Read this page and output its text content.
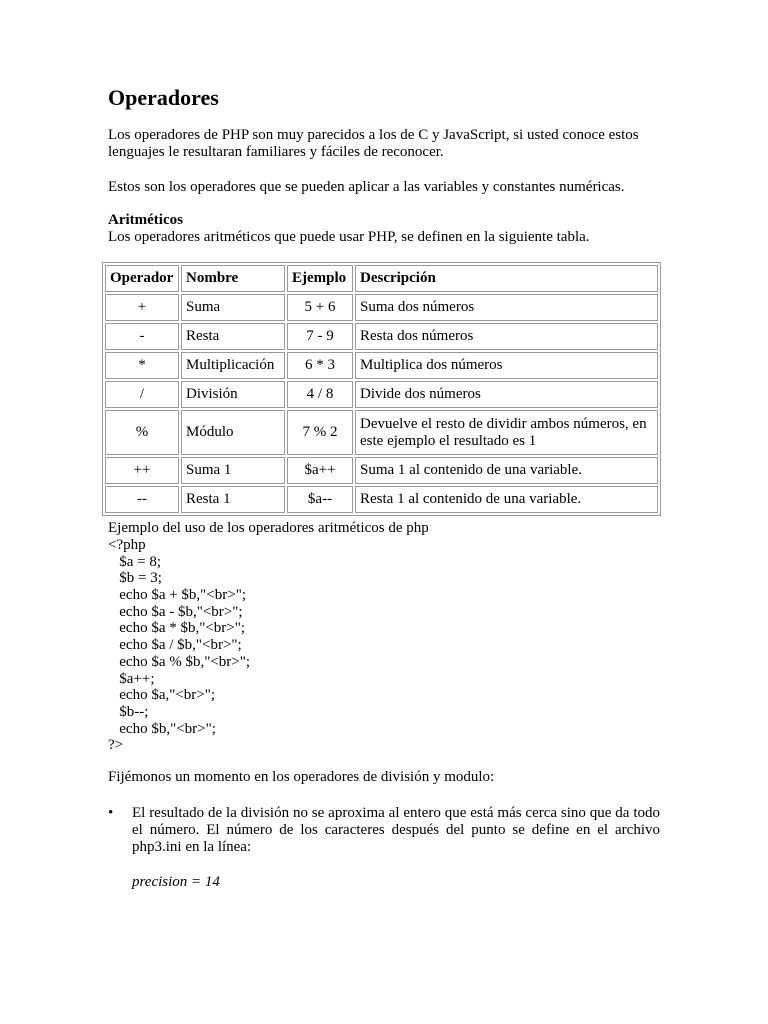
Operadores

Los operadores de PHP son muy parecidos a los de C y JavaScript, si usted conoce estos lenguajes le resultaran familiares y fáciles de reconocer.

Estos son los operadores que se pueden aplicar a las variables y constantes numéricas.

Aritméticos

Los operadores aritméticos que puede usar PHP, se definen en la siguiente tabla.

Operador	Nombre	Ejemplo	Descripción
+	Suma	5 + 6	Suma dos números
-	Resta	7 - 9	Resta dos números
*	Multiplicación	6 * 3	Multiplica dos números
/	División	4 / 8	Divide dos números
%	Módulo	7 % 2	Devuelve el resto de dividir ambos números, en este ejemplo el resultado es 1
++	Suma 1	$a++	Suma 1 al contenido de una variable.
--	Resta 1	$a--	Resta 1 al contenido de una variable.

Ejemplo del uso de los operadores aritméticos de php

<?php
$a = 8;
$b = 3;
echo $a + $b,"<br>";
echo $a - $b,"<br>";
echo $a * $b,"<br>";
echo $a / $b,"<br>";
echo $a % $b,"<br>";
$a++;
echo $a,"<br>";
$b--;
echo $b,"<br>";
?>

Fijémonos un momento en los operadores de división y modulo:

• El resultado de la división no se aproxima al entero que está más cerca sino que da todo el número. El número de los caracteres después del punto se define en el archivo php3.ini en la línea:
precision = 14
